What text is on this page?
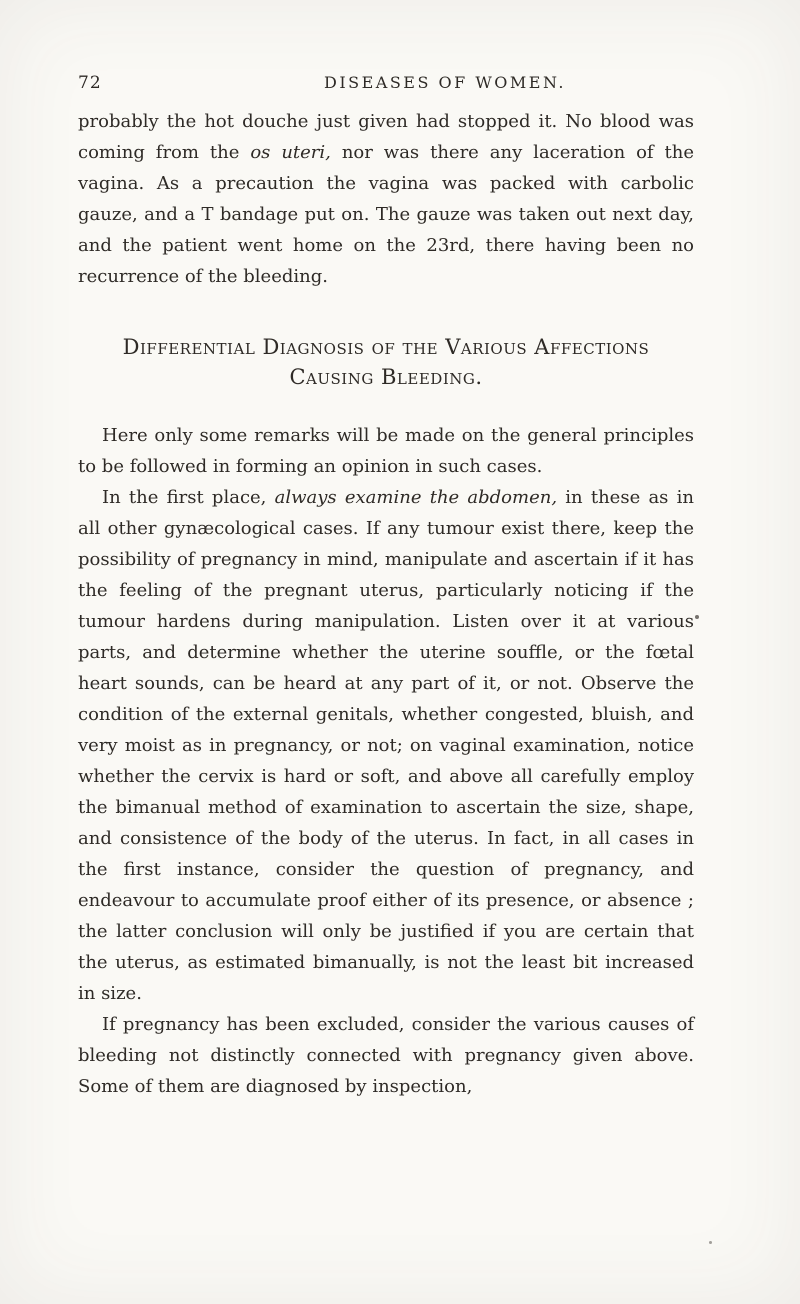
72	DISEASES OF WOMEN.

probably the hot douche just given had stopped it. No blood was coming from the os uteri, nor was there any laceration of the vagina. As a precaution the vagina was packed with carbolic gauze, and a T bandage put on. The gauze was taken out next day, and the patient went home on the 23rd, there having been no recurrence of the bleeding.

Differential Diagnosis of the Various Affections
Causing Bleeding.

Here only some remarks will be made on the general principles to be followed in forming an opinion in such cases.

In the first place, always examine the abdomen, in these as in all other gynæcological cases. If any tumour exist there, keep the possibility of pregnancy in mind, manipulate and ascertain if it has the feeling of the pregnant uterus, particularly noticing if the tumour hardens during manipulation. Listen over it at various parts, and determine whether the uterine souffle, or the fœtal heart sounds, can be heard at any part of it, or not. Observe the condition of the external genitals, whether congested, bluish, and very moist as in pregnancy, or not; on vaginal examination, notice whether the cervix is hard or soft, and above all carefully employ the bimanual method of examination to ascertain the size, shape, and consistence of the body of the uterus. In fact, in all cases in the first instance, consider the question of pregnancy, and endeavour to accumulate proof either of its presence, or absence ; the latter conclusion will only be justified if you are certain that the uterus, as estimated bimanually, is not the least bit increased in size.

If pregnancy has been excluded, consider the various causes of bleeding not distinctly connected with pregnancy given above. Some of them are diagnosed by inspection,
